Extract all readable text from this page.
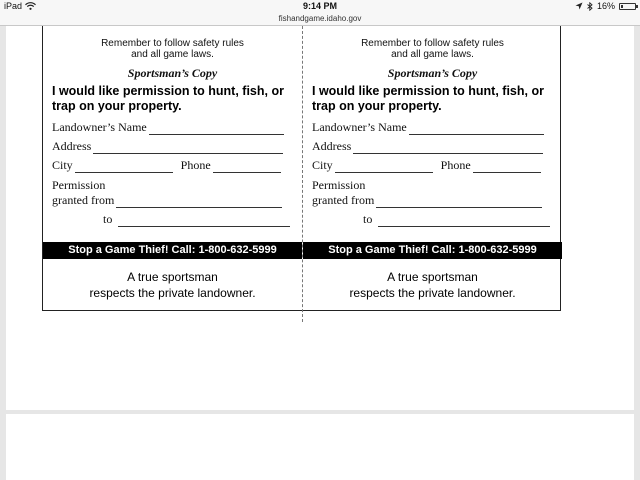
iPad	9:14 PM	16%
fishandgame.idaho.gov
Remember to follow safety rules
and all game laws.
Sportsman’s Copy
I would like permission to hunt, fish, or trap on your property.
Landowner’s Name
Address
City	Phone
Permission
granted from
to
Stop a Game Thief! Call: 1-800-632-5999
A true sportsman
respects the private landowner.
Remember to follow safety rules
and all game laws.
Sportsman’s Copy
I would like permission to hunt, fish, or trap on your property.
Landowner’s Name
Address
City	Phone
Permission
granted from
to
Stop a Game Thief! Call: 1-800-632-5999
A true sportsman
respects the private landowner.
